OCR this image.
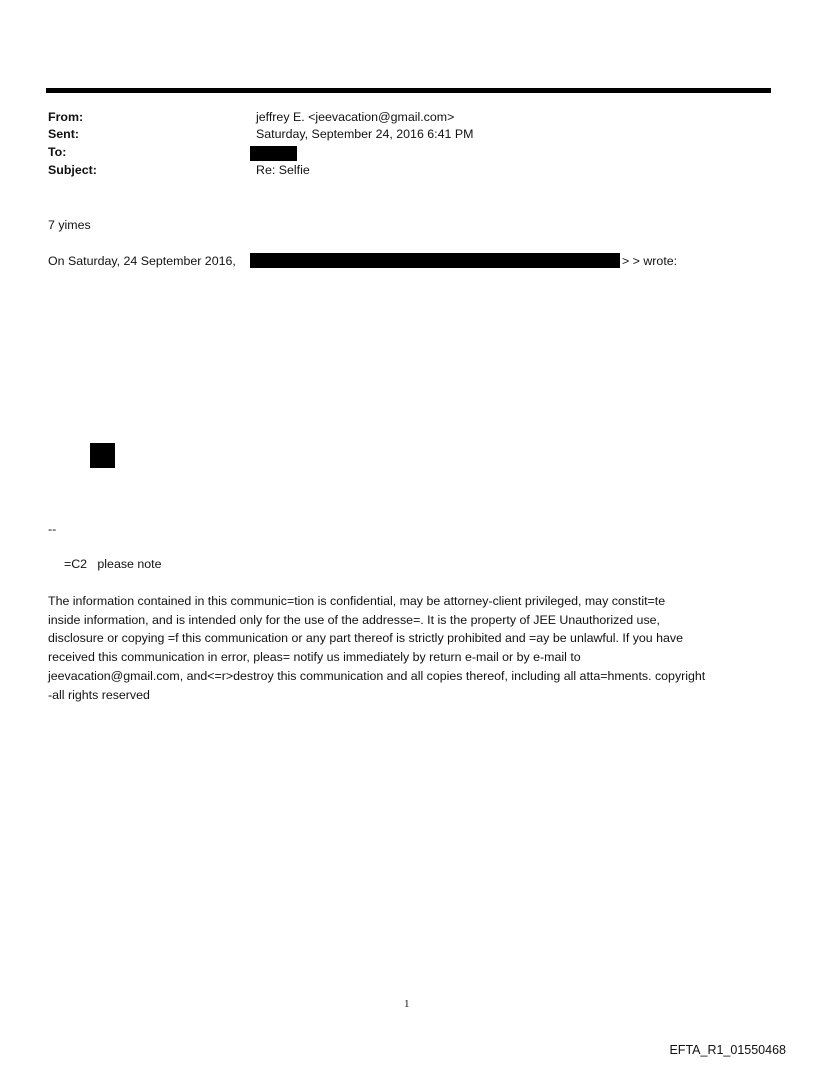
From:	jeffrey E. <jeevacation@gmail.com>
Sent:	Saturday, September 24, 2016 6:41 PM
To:
Subject:	Re: Selfie
7 yimes
On Saturday, 24 September 2016,	> > wrote:
--
=C2   please note
The information contained in this communic=tion is confidential, may be attorney-client privileged, may constit=te
inside information, and is intended only for the use of the addresse=. It is the property of JEE Unauthorized use,
disclosure or copying =f this communication or any part thereof is strictly prohibited and =ay be unlawful. If you have
received this communication in error, pleas= notify us immediately by return e-mail or by e-mail to
jeevacation@gmail.com, and<=r>destroy this communication and all copies thereof, including all atta=hments. copyright
-all rights reserved
1
EFTA_R1_01550468
